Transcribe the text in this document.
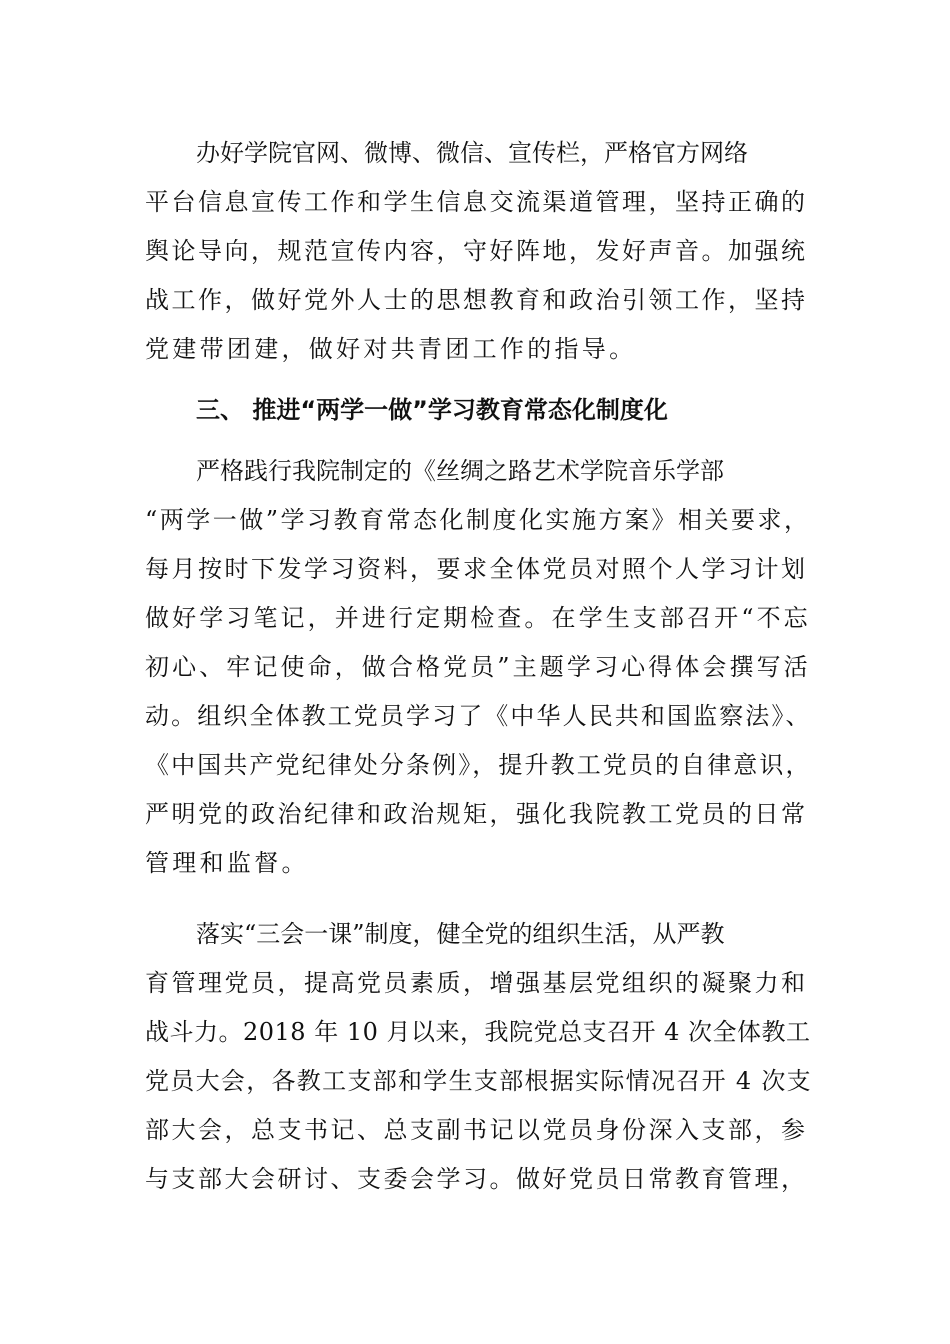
办好学院官网、微博、微信、宣传栏，严格官方网络
平台信息宣传工作和学生信息交流渠道管理，坚持正确的
舆论导向，规范宣传内容，守好阵地，发好声音。加强统
战工作，做好党外人士的思想教育和政治引领工作，坚持
党建带团建，做好对共青团工作的指导。
三、 推进“两学一做”学习教育常态化制度化
严格践行我院制定的《丝绸之路艺术学院音乐学部
“两学一做”学习教育常态化制度化实施方案》相关要求，
每月按时下发学习资料，要求全体党员对照个人学习计划
做好学习笔记，并进行定期检查。在学生支部召开“不忘
初心、牢记使命，做合格党员”主题学习心得体会撰写活
动。组织全体教工党员学习了《中华人民共和国监察法》、
《中国共产党纪律处分条例》，提升教工党员的自律意识，
严明党的政治纪律和政治规矩，强化我院教工党员的日常
管理和监督。
落实“三会一课”制度，健全党的组织生活，从严教
育管理党员，提高党员素质，增强基层党组织的凝聚力和
战斗力。2018 年 10 月以来，我院党总支召开 4 次全体教工
党员大会，各教工支部和学生支部根据实际情况召开 4 次支
部大会，总支书记、总支副书记以党员身份深入支部，参
与支部大会研讨、支委会学习。做好党员日常教育管理，
